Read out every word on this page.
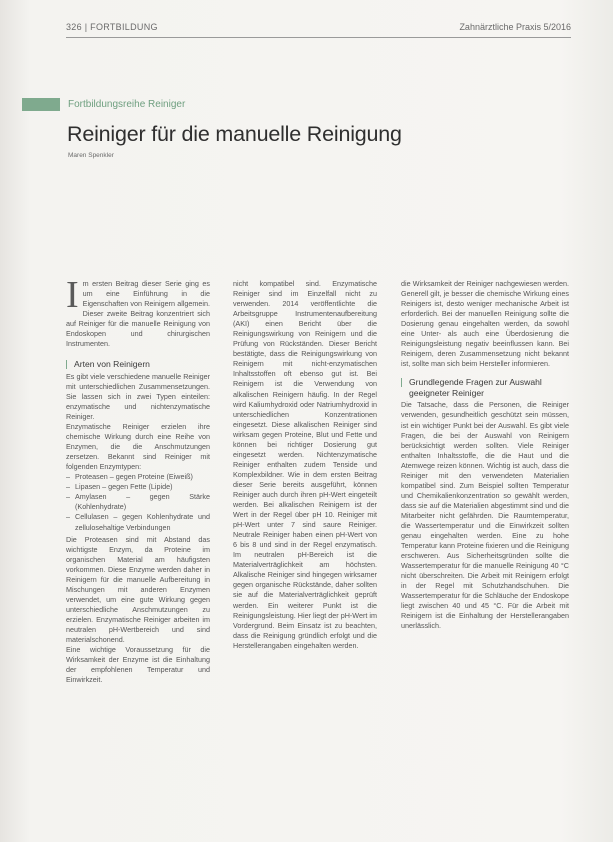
326 | FORTBILDUNG	Zahnärztliche Praxis 5/2016
Fortbildungsreihe Reiniger
Reiniger für die manuelle Reinigung
Maren Spenkler

Im ersten Beitrag dieser Serie ging es um eine Einführung in die Eigenschaften von Reinigern allgemein. Dieser zweite Beitrag konzentriert sich auf Reiniger für die manuelle Reinigung von Endoskopen und chirurgischen Instrumenten.

Arten von Reinigern

Es gibt viele verschiedene manuelle Reiniger mit unterschiedlichen Zusammensetzungen. Sie lassen sich in zwei Typen einteilen: enzymatische und nichtenzymatische Reiniger.

Enzymatische Reiniger erzielen ihre chemische Wirkung durch eine Reihe von Enzymen, die die Anschmutzungen zersetzen. Bekannt sind Reiniger mit folgenden Enzymtypen:

– Proteasen – gegen Proteine (Eiweiß)
– Lipasen – gegen Fette (Lipide)
– Amylasen – gegen Stärke (Kohlenhydrate)
– Cellulasen – gegen Kohlenhydrate und zellulosehaltige Verbindungen

Die Proteasen sind mit Abstand das wichtigste Enzym, da Proteine im organischen Material am häufigsten vorkommen. Diese Enzyme werden daher in Reinigern für die manuelle Aufbereitung in Mischungen mit anderen Enzymen verwendet, um eine gute Wirkung gegen unterschiedliche Anschmutzungen zu erzielen. Enzymatische Reiniger arbeiten im neutralen pH-Wertbereich und sind materialschonend.

Eine wichtige Voraussetzung für die Wirksamkeit der Enzyme ist die Einhaltung der empfohlenen Temperatur und Einwirkzeit.

nicht kompatibel sind. Enzymatische Reiniger sind im Einzelfall nicht zu verwenden. 2014 veröffentlichte die Arbeitsgruppe Instrumentenaufbereitung (AKI) einen Bericht über die Reinigungswirkung von Reinigern und die Prüfung von Rückständen. Dieser Bericht bestätigte, dass die Reinigungswirkung von Reinigern mit nicht-enzymatischen Inhaltsstoffen oft ebenso gut ist. Bei Reinigern ist die Verwendung von alkalischen Reinigern häufig. In der Regel wird Kaliumhydroxid oder Natriumhydroxid in unterschiedlichen Konzentrationen eingesetzt. Diese alkalischen Reiniger sind wirksam gegen Proteine, Blut und Fette und können bei richtiger Dosierung gut eingesetzt werden. Nichtenzymatische Reiniger enthalten zudem Tenside und Komplexbildner. Wie in dem ersten Beitrag dieser Serie bereits ausgeführt, können Reiniger auch durch ihren pH-Wert eingeteilt werden. Bei alkalischen Reinigern ist der Wert in der Regel über pH 10. Reiniger mit pH-Wert unter 7 sind saure Reiniger. Neutrale Reiniger haben einen pH-Wert von 6 bis 8 und sind in der Regel enzymatisch. Im neutralen pH-Bereich ist die Materialverträglichkeit am höchsten. Alkalische Reiniger sind hingegen wirksamer gegen organische Rückstände, daher sollten sie auf die Materialverträglichkeit geprüft werden. Ein weiterer Punkt ist die Reinigungsleistung. Hier liegt der pH-Wert im Vordergrund. Beim Einsatz ist zu beachten, dass die Reinigung gründlich erfolgt und die Herstellerangaben eingehalten werden.

die Wirksamkeit der Reiniger nachgewiesen werden. Generell gilt, je besser die chemische Wirkung eines Reinigers ist, desto weniger mechanische Arbeit ist erforderlich. Bei der manuellen Reinigung sollte die Dosierung genau eingehalten werden, da sowohl eine Unter- als auch eine Überdosierung die Reinigungsleistung negativ beeinflussen kann. Bei Reinigern, deren Zusammensetzung nicht bekannt ist, sollte man sich beim Hersteller informieren.

Grundlegende Fragen zur Auswahl geeigneter Reiniger

Die Tatsache, dass die Personen, die Reiniger verwenden, gesundheitlich geschützt sein müssen, ist ein wichtiger Punkt bei der Auswahl. Es gibt viele Fragen, die bei der Auswahl von Reinigern berücksichtigt werden sollten. Viele Reiniger enthalten Inhaltsstoffe, die die Haut und die Atemwege reizen können. Wichtig ist auch, dass die Reiniger mit den verwendeten Materialien kompatibel sind. Zum Beispiel sollten Temperatur und Chemikalienkonzentration so gewählt werden, dass sie auf die Materialien abgestimmt sind und die Mitarbeiter nicht gefährden. Die Raumtemperatur, die Wassertemperatur und die Einwirkzeit sollten genau eingehalten werden. Eine zu hohe Temperatur kann Proteine fixieren und die Reinigung erschweren. Aus Sicherheitsgründen sollte die Wassertemperatur für die manuelle Reinigung 40 °C nicht überschreiten. Die Arbeit mit Reinigern erfolgt in der Regel mit Schutzhandschuhen. Die Wassertemperatur für die Schläuche der Endoskope liegt zwischen 40 und 45 °C. Für die Arbeit mit Reinigern ist die Einhaltung der Herstellerangaben unerlässlich.
